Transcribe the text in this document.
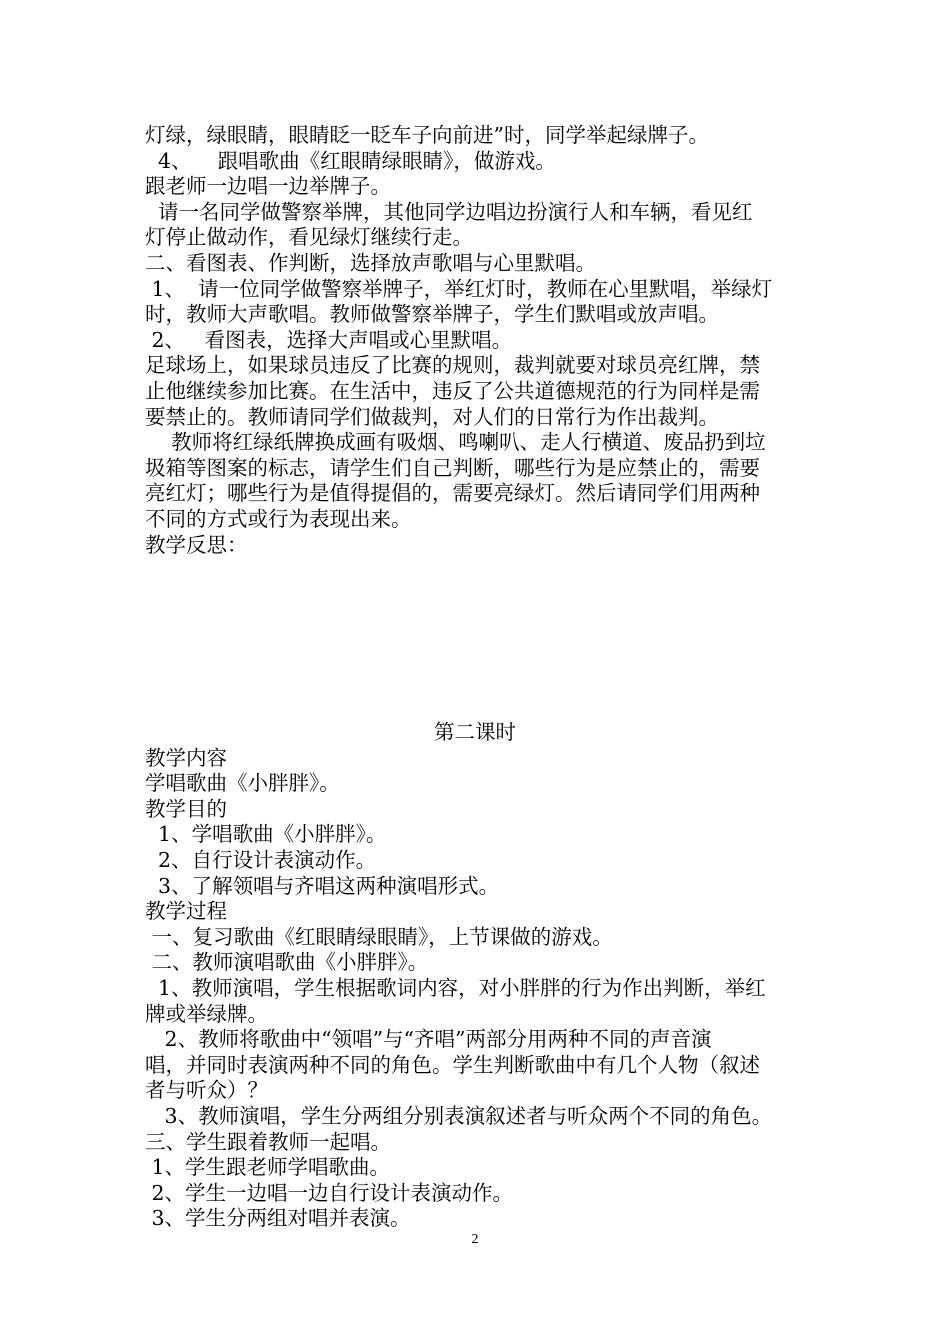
灯绿，绿眼睛，眼睛眨一眨车子向前进”时，同学举起绿牌子。
4、    跟唱歌曲《红眼睛绿眼睛》，做游戏。
跟老师一边唱一边举牌子。
请一名同学做警察举牌，其他同学边唱边扮演行人和车辆，看见红
灯停止做动作，看见绿灯继续行走。
二、看图表、作判断，选择放声歌唱与心里默唱。
1、  请一位同学做警察举牌子，举红灯时，教师在心里默唱，举绿灯
时，教师大声歌唱。教师做警察举牌子，学生们默唱或放声唱。
2、   看图表，选择大声唱或心里默唱。
足球场上，如果球员违反了比赛的规则，裁判就要对球员亮红牌，禁
止他继续参加比赛。在生活中，违反了公共道德规范的行为同样是需
要禁止的。教师请同学们做裁判，对人们的日常行为作出裁判。
教师将红绿纸牌换成画有吸烟、鸣喇叭、走人行横道、废品扔到垃
圾箱等图案的标志，请学生们自己判断，哪些行为是应禁止的，需要
亮红灯；哪些行为是值得提倡的，需要亮绿灯。然后请同学们用两种
不同的方式或行为表现出来。
教学反思：
第二课时
教学内容
学唱歌曲《小胖胖》。
教学目的
1、学唱歌曲《小胖胖》。
2、自行设计表演动作。
3、了解领唱与齐唱这两种演唱形式。
教学过程
一、复习歌曲《红眼睛绿眼睛》，上节课做的游戏。
二、教师演唱歌曲《小胖胖》。
1、教师演唱，学生根据歌词内容，对小胖胖的行为作出判断，举红
牌或举绿牌。
2、教师将歌曲中“领唱”与“齐唱”两部分用两种不同的声音演
唱，并同时表演两种不同的角色。学生判断歌曲中有几个人物（叙述
者与听众）？
3、教师演唱，学生分两组分别表演叙述者与听众两个不同的角色。
三、学生跟着教师一起唱。
1、学生跟老师学唱歌曲。
2、学生一边唱一边自行设计表演动作。
3、学生分两组对唱并表演。
2
